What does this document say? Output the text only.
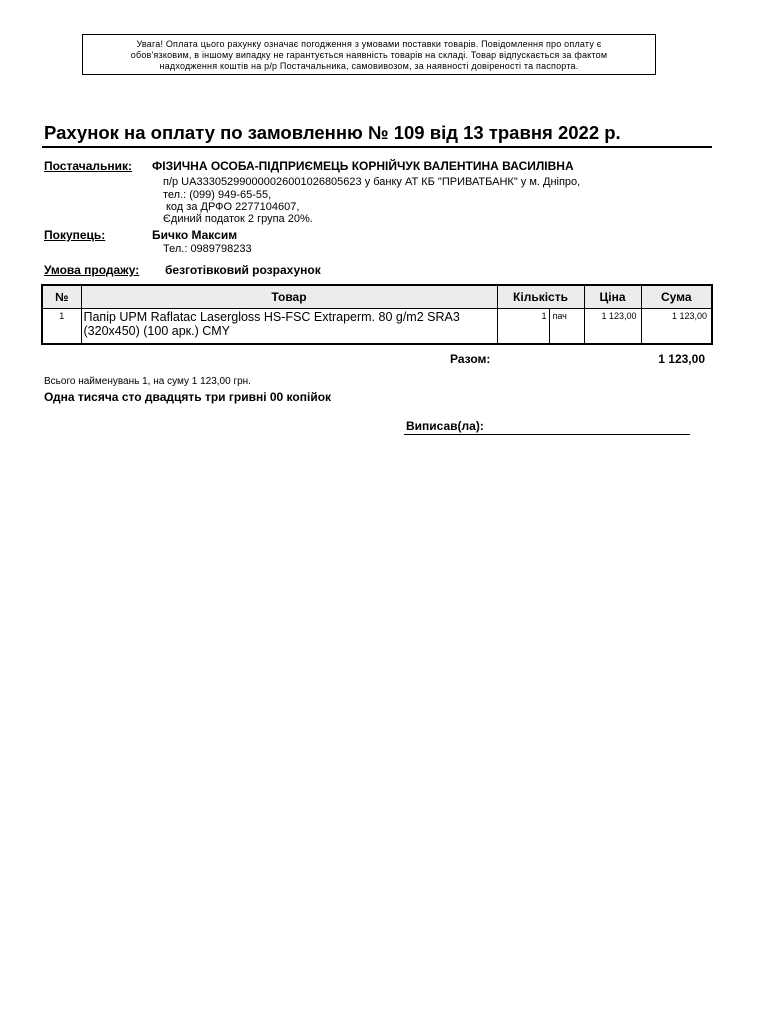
Увага! Оплата цього рахунку означає погодження з умовами поставки товарів. Повідомлення про оплату є
обов'язковим, в іншому випадку не гарантується наявність товарів на складі. Товар відпускається за фактом
надходження коштів на р/р Постачальника, самовивозом, за наявності довіреності та паспорта.
Рахунок на оплату по замовленню № 109 від 13 травня 2022 р.
Постачальник: ФІЗИЧНА ОСОБА-ПІДПРИЄМЕЦЬ КОРНІЙЧУК ВАЛЕНТИНА ВАСИЛІВНА
п/р UA333052990000026001026805623 у банку АТ КБ "ПРИВАТБАНК" у м. Дніпро,
тел.: (099) 949-65-55,
код за ДРФО 2277104607,
Єдиний податок 2 група 20%.
Покупець:	Бичко Максим
Тел.: 0989798233
Умова продажу: безготівковий розрахунок
№	Товар	Кількість		Ціна	Сума
1	Папір UPM Raflatac Lasergloss HS-FSC Extraperm. 80 g/m2 SRA3 (320x450) (100 арк.) CMY	1	пач	1 123,00	1 123,00
Разом:	1 123,00
Всього найменувань 1, на суму 1 123,00 грн.
Одна тисяча сто двадцять три гривні 00 копійок
Виписав(ла):
